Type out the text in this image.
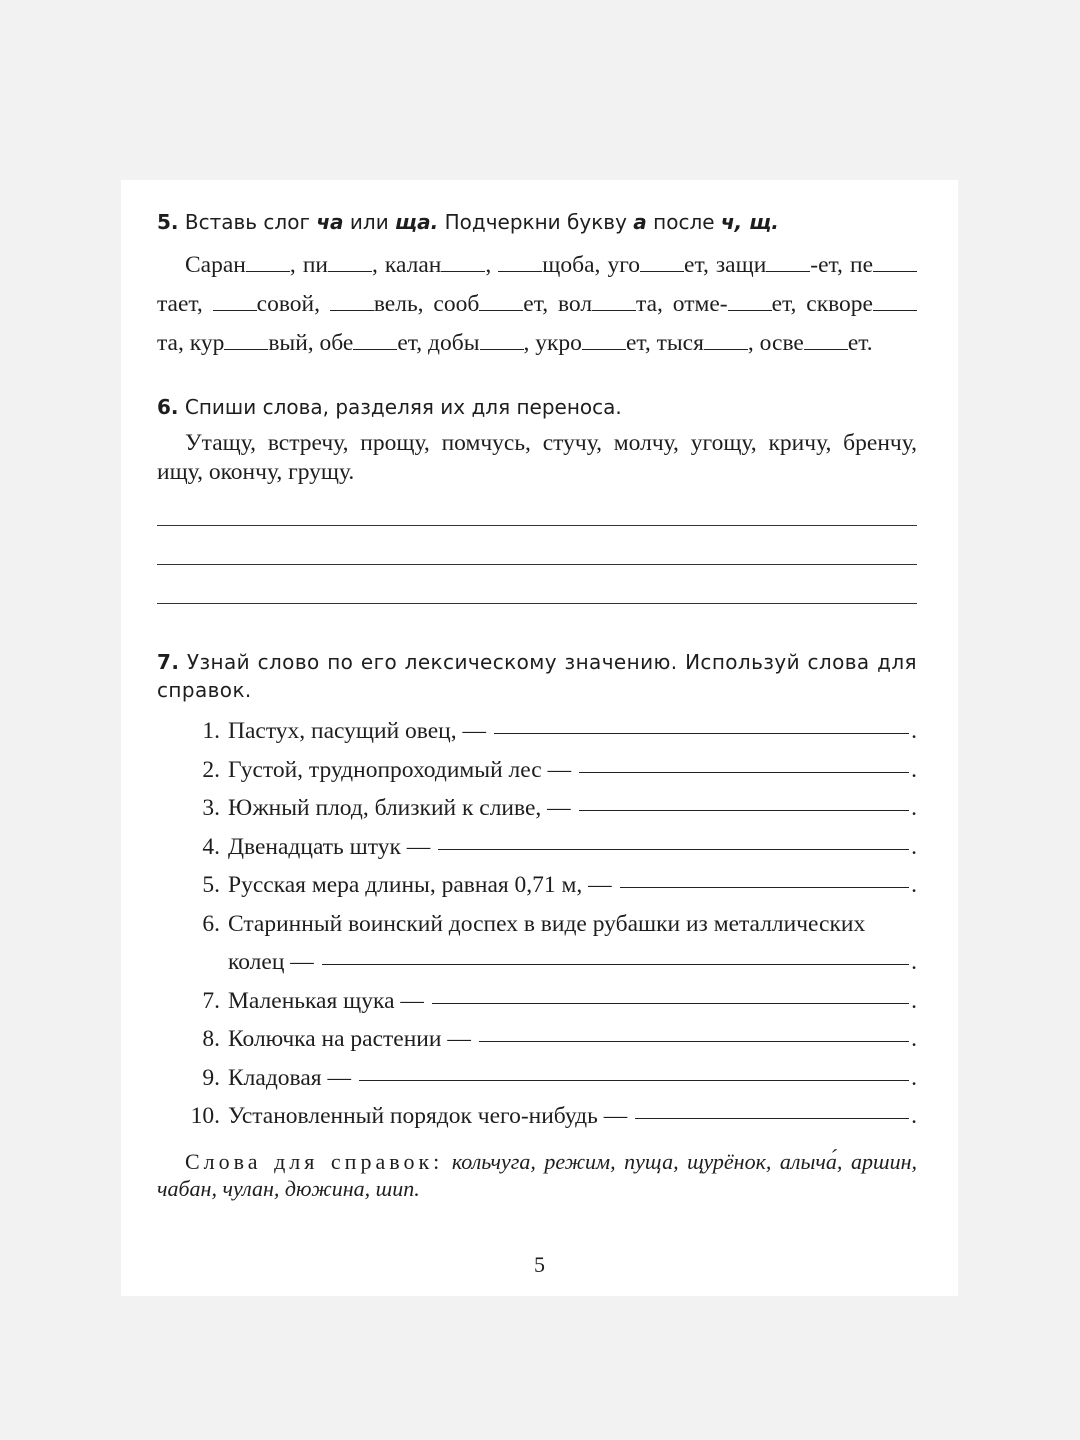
5. Вставь слог ча или ща. Подчеркни букву а после ч, щ.
Саран , пи , калан , щоба, уго ет, защи -ет, петает, совой, вель, сооб ет, вол та, отме- ет, скворета, кур вый, обе ет, добы , укро ет, тыся , осве ет.
6. Спиши слова, разделяя их для переноса.
Утащу, встречу, прощу, помчусь, стучу, молчу, угощу, кричу, бренчу, ищу, окончу, грущу.
7. Узнай слово по его лексическому значению. Используй слова для справок.
1. Пастух, пасущий овец, —	.
2. Густой, труднопроходимый лес —	.
3. Южный плод, близкий к сливе, —	.
4. Двенадцать штук —	.
5. Русская мера длины, равная 0,71 м, —	.
6. Старинный воинский доспех в виде рубашки из металлических
колец —	.
7. Маленькая щука —	.
8. Колючка на растении —	.
9. Кладовая —	.
10. Установленный порядок чего-нибудь —	.
Слова для справок: кольчуга, режим, пуща, щурёнок, алыча́, аршин, чабан, чулан, дюжина, шип.
5
